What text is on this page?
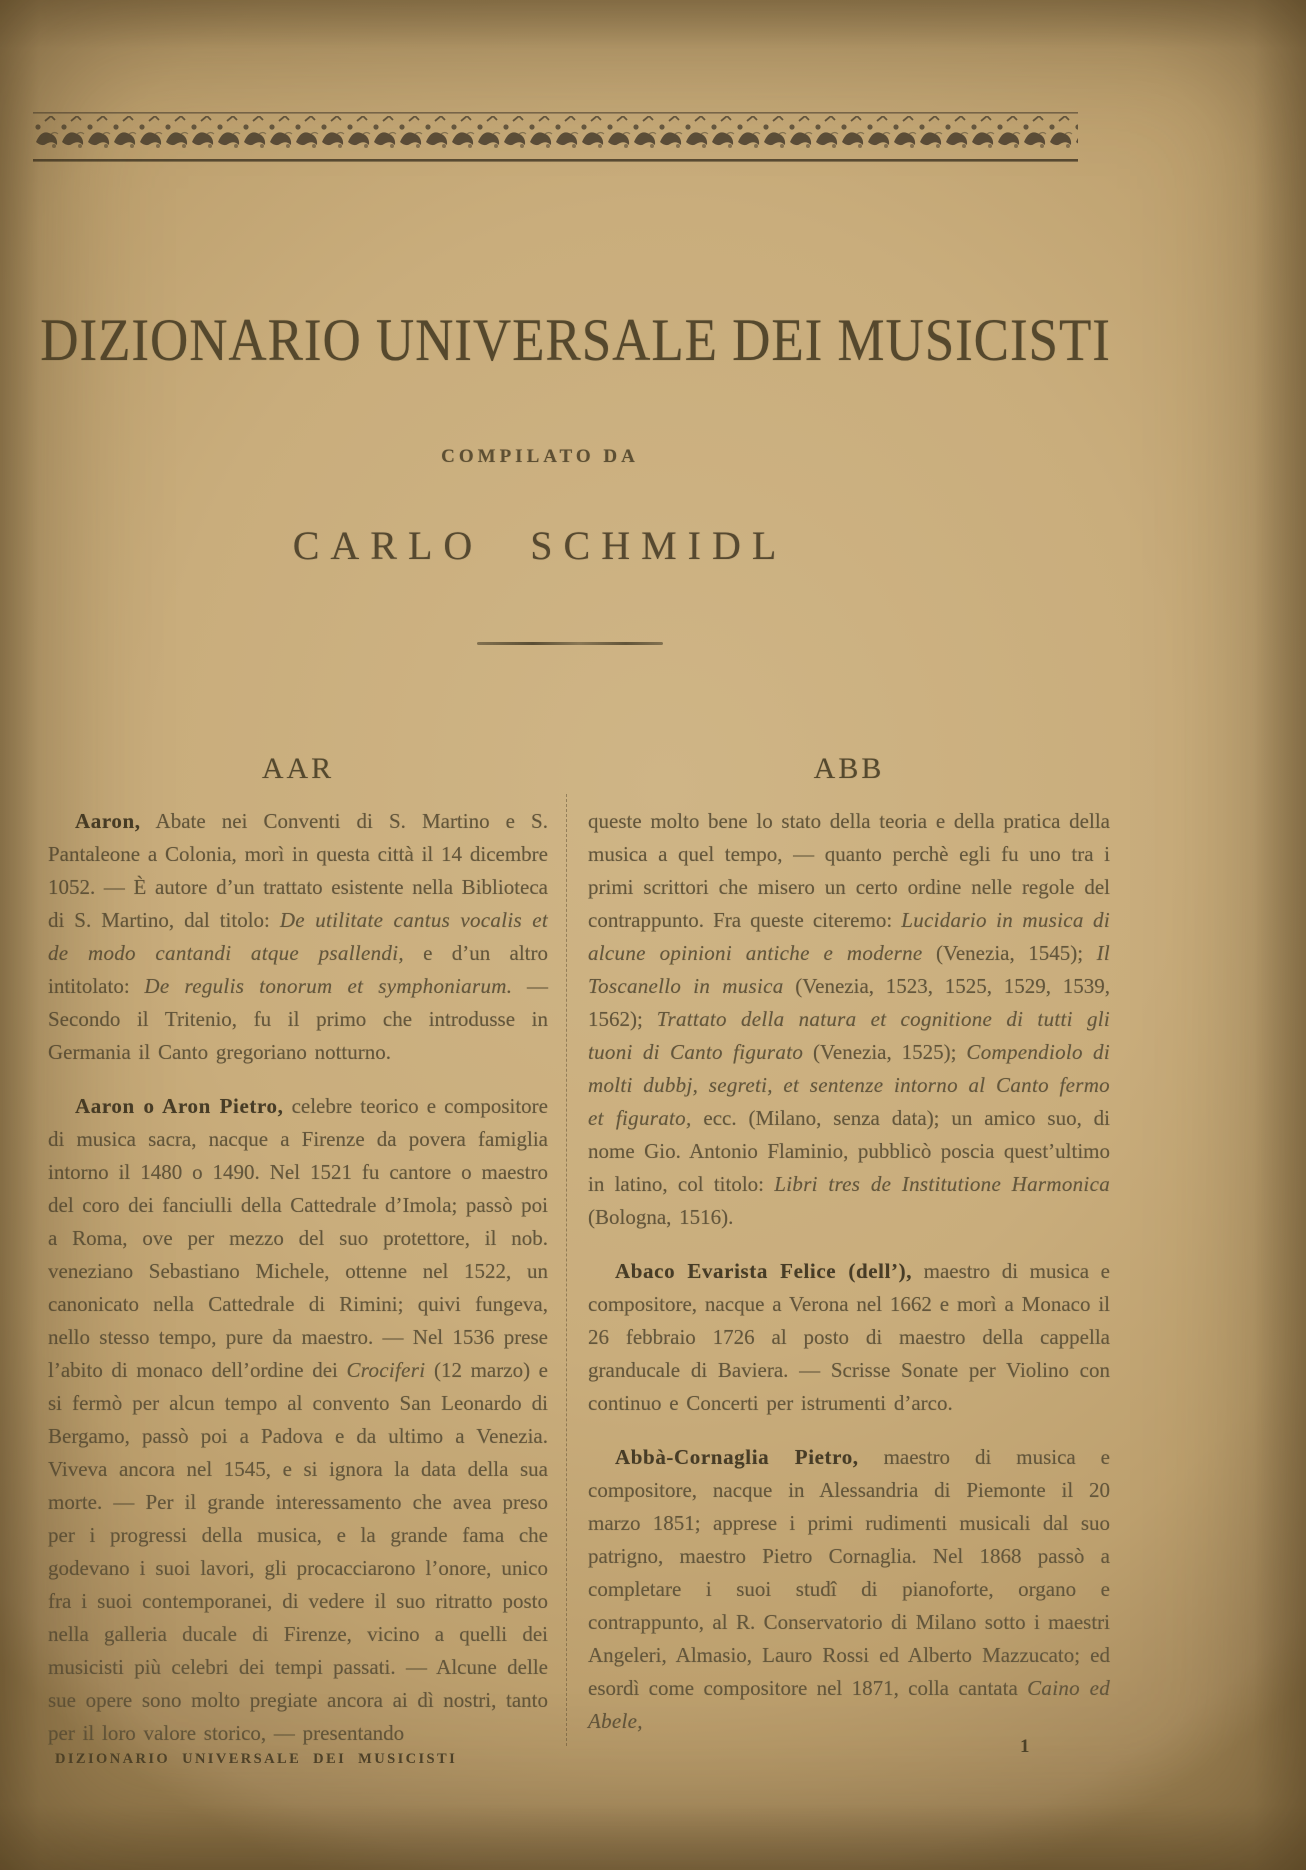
DIZIONARIO UNIVERSALE DEI MUSICISTI
COMPILATO DA
CARLO SCHMIDL
AAR

Aaron, Abate nei Conventi di S. Martino e S. Pantaleone a Colonia, morì in questa città il 14 dicembre 1052. — È autore d’un trattato esistente nella Biblioteca di S. Martino, dal titolo: De utilitate cantus vocalis et de modo cantandi atque psallendi, e d’un altro intitolato: De regulis tonorum et symphoniarum. — Secondo il Tritenio, fu il primo che introdusse in Germania il Canto gregoriano notturno.

Aaron o Aron Pietro, celebre teorico e compositore di musica sacra, nacque a Firenze da povera famiglia intorno il 1480 o 1490. Nel 1521 fu cantore o maestro del coro dei fanciulli della Cattedrale d’Imola; passò poi a Roma, ove per mezzo del suo protettore, il nob. veneziano Sebastiano Michele, ottenne nel 1522, un canonicato nella Cattedrale di Rimini; quivi fungeva, nello stesso tempo, pure da maestro. — Nel 1536 prese l’abito di monaco dell’ordine dei Crociferi (12 marzo) e si fermò per alcun tempo al convento San Leonardo di Bergamo, passò poi a Padova e da ultimo a Venezia. Viveva ancora nel 1545, e si ignora la data della sua morte. — Per il grande interessamento che avea preso per i progressi della musica, e la grande fama che godevano i suoi lavori, gli procacciarono l’onore, unico fra i suoi contemporanei, di vedere il suo ritratto posto nella galleria ducale di Firenze, vicino a quelli dei musicisti più celebri dei tempi passati. — Alcune delle sue opere sono molto pregiate ancora ai dì nostri, tanto per il loro valore storico, — presentando

ABB

queste molto bene lo stato della teoria e della pratica della musica a quel tempo, — quanto perchè egli fu uno tra i primi scrittori che misero un certo ordine nelle regole del contrappunto. Fra queste citeremo: Lucidario in musica di alcune opinioni antiche e moderne (Venezia, 1545); Il Toscanello in musica (Venezia, 1523, 1525, 1529, 1539, 1562); Trattato della natura et cognitione di tutti gli tuoni di Canto figurato (Venezia, 1525); Compendiolo di molti dubbj, segreti, et sentenze intorno al Canto fermo et figurato, ecc. (Milano, senza data); un amico suo, di nome Gio. Antonio Flaminio, pubblicò poscia quest’ultimo in latino, col titolo: Libri tres de Institutione Harmonica (Bologna, 1516).

Abaco Evarista Felice (dell’), maestro di musica e compositore, nacque a Verona nel 1662 e morì a Monaco il 26 febbraio 1726 al posto di maestro della cappella granducale di Baviera. — Scrisse Sonate per Violino con continuo e Concerti per istrumenti d’arco.

Abbà-Cornaglia Pietro, maestro di musica e compositore, nacque in Alessandria di Piemonte il 20 marzo 1851; apprese i primi rudimenti musicali dal suo patrigno, maestro Pietro Cornaglia. Nel 1868 passò a completare i suoi studî di pianoforte, organo e contrappunto, al R. Conservatorio di Milano sotto i maestri Angeleri, Almasio, Lauro Rossi ed Alberto Mazzucato; ed esordì come compositore nel 1871, colla cantata Caino ed Abele,

DIZIONARIO UNIVERSALE DEI MUSICISTI
1
